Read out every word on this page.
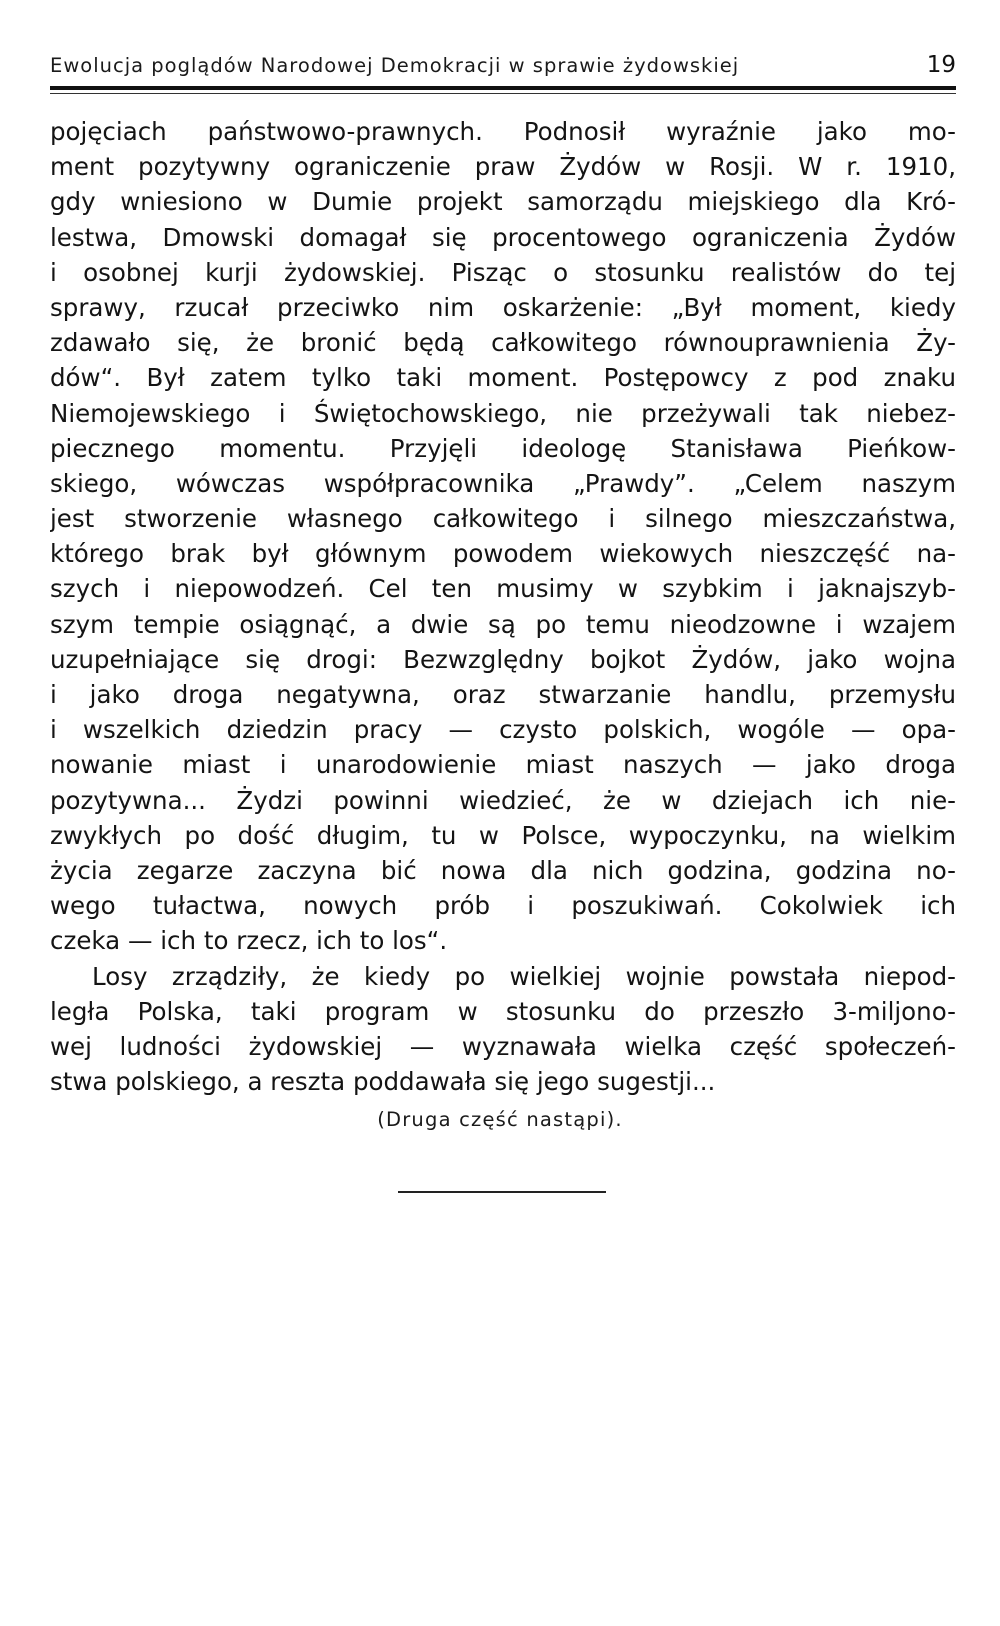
Ewolucja poglądów Narodowej Demokracji w sprawie żydowskiej	19
pojęciach państwowo-prawnych. Podnosił wyraźnie jako mo-
ment pozytywny ograniczenie praw Żydów w Rosji. W r. 1910,
gdy wniesiono w Dumie projekt samorządu miejskiego dla Kró-
lestwa, Dmowski domagał się procentowego ograniczenia Żydów
i osobnej kurji żydowskiej. Pisząc o stosunku realistów do tej
sprawy, rzucał przeciwko nim oskarżenie: „Był moment, kiedy
zdawało się, że bronić będą całkowitego równouprawnienia Ży-
dów“. Był zatem tylko taki moment. Postępowcy z pod znaku
Niemojewskiego i Świętochowskiego, nie przeżywali tak niebez-
piecznego momentu. Przyjęli ideologę Stanisława Pieńkow-
skiego, wówczas współpracownika „Prawdy”. „Celem naszym
jest stworzenie własnego całkowitego i silnego mieszczaństwa,
którego brak był głównym powodem wiekowych nieszczęść na-
szych i niepowodzeń. Cel ten musimy w szybkim i jaknajszyb-
szym tempie osiągnąć, a dwie są po temu nieodzowne i wzajem
uzupełniające się drogi: Bezwzględny bojkot Żydów, jako wojna
i jako droga negatywna, oraz stwarzanie handlu, przemysłu
i wszelkich dziedzin pracy — czysto polskich, wogóle — opa-
nowanie miast i unarodowienie miast naszych — jako droga
pozytywna... Żydzi powinni wiedzieć, że w dziejach ich nie-
zwykłych po dość długim, tu w Polsce, wypoczynku, na wielkim
życia zegarze zaczyna bić nowa dla nich godzina, godzina no-
wego tułactwa, nowych prób i poszukiwań. Cokolwiek ich
czeka — ich to rzecz, ich to los“.
Losy zrządziły, że kiedy po wielkiej wojnie powstała niepod-
legła Polska, taki program w stosunku do przeszło 3-miljono-
wej ludności żydowskiej — wyznawała wielka część społeczeń-
stwa polskiego, a reszta poddawała się jego sugestji...
(Druga część nastąpi).
